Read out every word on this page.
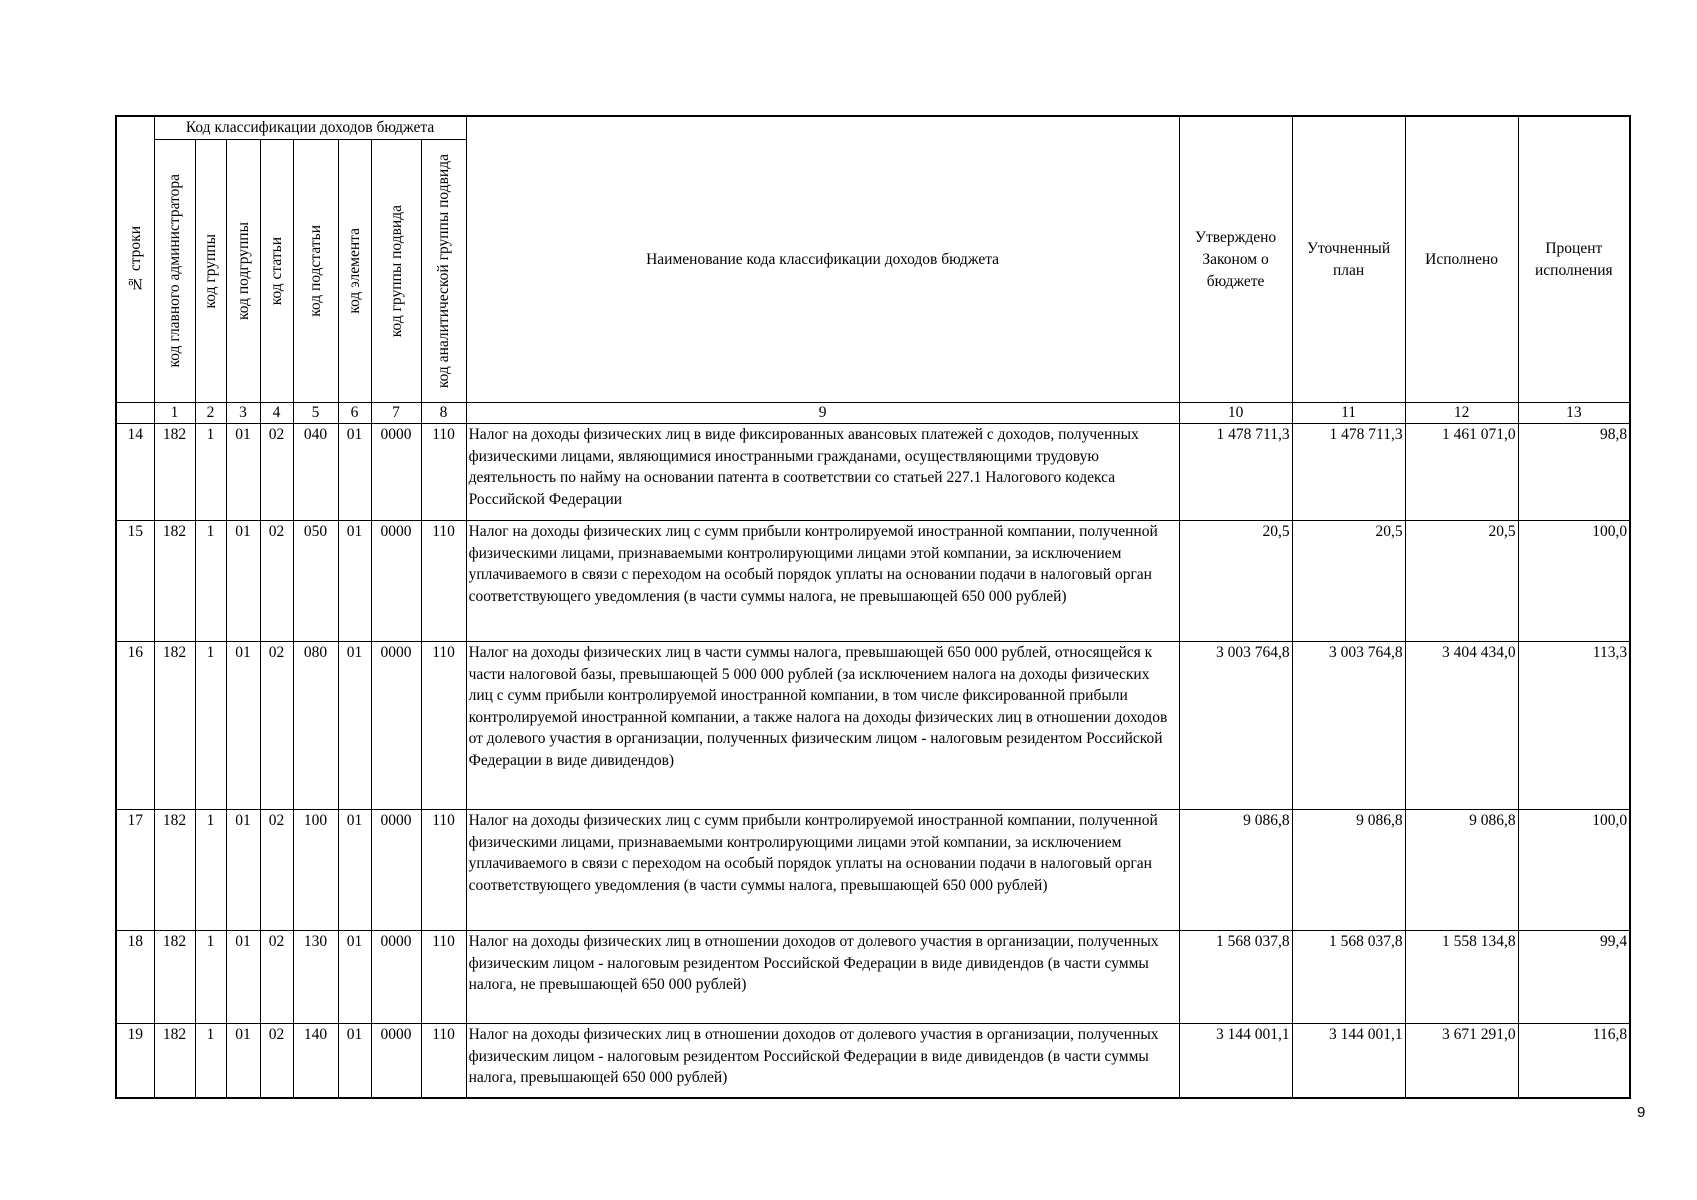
№ строки	Код классификации доходов бюджета								Наименование кода классификации доходов бюджета	Утверждено Законом о бюджете	Уточненный план	Исполнено	Процент исполнения

	код главного администратора	код группы	код подгруппы	код статьи	код подстатьи	код элемента	код группы подвида	код аналитической группы подвида					

	1	2	3	4	5	6	7	8	9	10	11	12	13
14	182	1	01	02	040	01	0000	110	Налог на доходы физических лиц в виде фиксированных авансовых платежей с доходов, полученных физическими лицами, являющимися иностранными гражданами, осуществляющими трудовую деятельность по найму на основании патента в соответствии со статьей 227.1 Налогового кодекса Российской Федерации	1 478 711,3	1 478 711,3	1 461 071,0	98,8
15	182	1	01	02	050	01	0000	110	Налог на доходы физических лиц с сумм прибыли контролируемой иностранной компании, полученной физическими лицами, признаваемыми контролирующими лицами этой компании, за исключением уплачиваемого в связи с переходом на особый порядок уплаты на основании подачи в налоговый орган соответствующего уведомления (в части суммы налога, не превышающей 650 000 рублей)	20,5	20,5	20,5	100,0
16	182	1	01	02	080	01	0000	110	Налог на доходы физических лиц в части суммы налога, превышающей 650 000 рублей, относящейся к части налоговой базы, превышающей 5 000 000 рублей (за исключением налога на доходы физических лиц с сумм прибыли контролируемой иностранной компании, в том числе фиксированной прибыли контролируемой иностранной компании, а также налога на доходы физических лиц в отношении доходов от долевого участия в организации, полученных физическим лицом - налоговым резидентом Российской Федерации в виде дивидендов)	3 003 764,8	3 003 764,8	3 404 434,0	113,3
17	182	1	01	02	100	01	0000	110	Налог на доходы физических лиц с сумм прибыли контролируемой иностранной компании, полученной физическими лицами, признаваемыми контролирующими лицами этой компании, за исключением уплачиваемого в связи с переходом на особый порядок уплаты на основании подачи в налоговый орган соответствующего уведомления (в части суммы налога, превышающей 650 000 рублей)	9 086,8	9 086,8	9 086,8	100,0
18	182	1	01	02	130	01	0000	110	Налог на доходы физических лиц в отношении доходов от долевого участия в организации, полученных физическим лицом - налоговым резидентом Российской Федерации в виде дивидендов (в части суммы налога, не превышающей 650 000 рублей)	1 568 037,8	1 568 037,8	1 558 134,8	99,4
19	182	1	01	02	140	01	0000	110	Налог на доходы физических лиц в отношении доходов от долевого участия в организации, полученных физическим лицом - налоговым резидентом Российской Федерации в виде дивидендов (в части суммы налога, превышающей 650 000 рублей)	3 144 001,1	3 144 001,1	3 671 291,0	116,8
9
